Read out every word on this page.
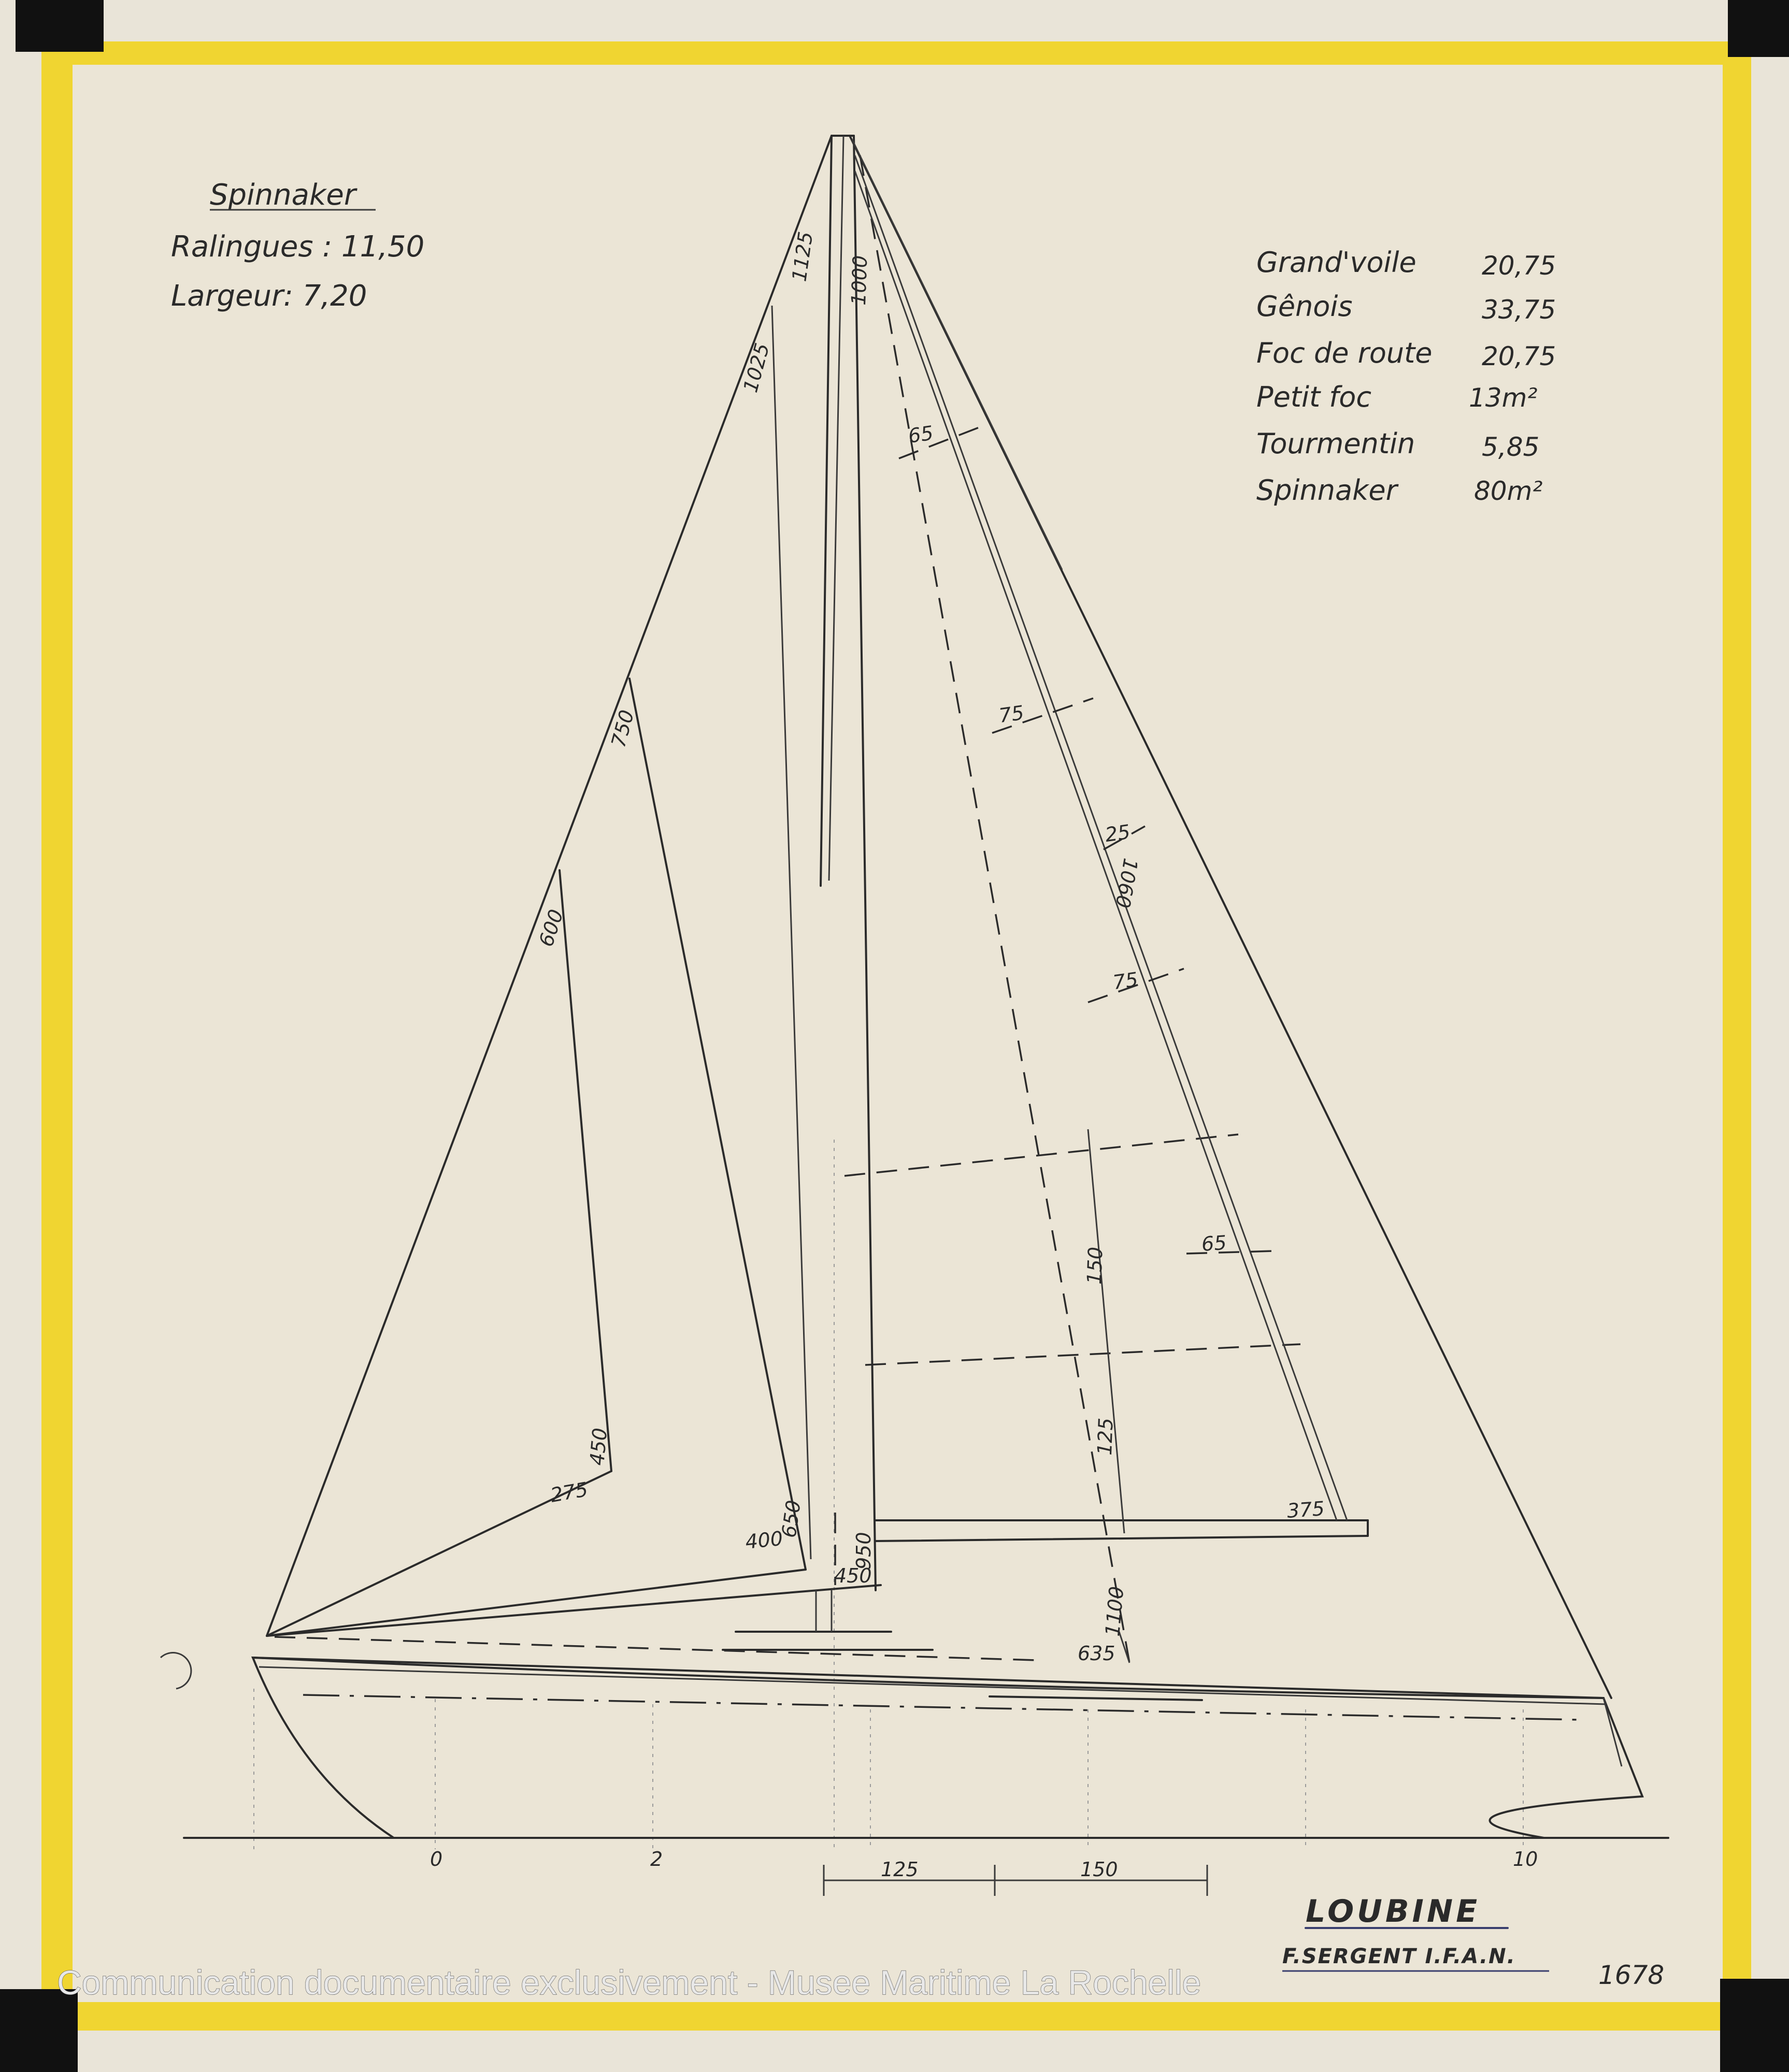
Spinnaker
Ralingues : 11,50
Largeur: 7,20
Grand'voile	20,75
Gênois	33,75
Foc de route 20,75
Petit foc	13m²
Tourmentin	5,85
Spinnaker	80m²
1125
1025
1000
750
600
450
275
650
400	950
450
65
75
25
1060
75
150
125
65
375
1100
635
125	150
0	2	10
LOUBINE
F.SERGENT I.F.A.N.
1678
Communication documentaire exclusivement - Musee Maritime La Rochelle
